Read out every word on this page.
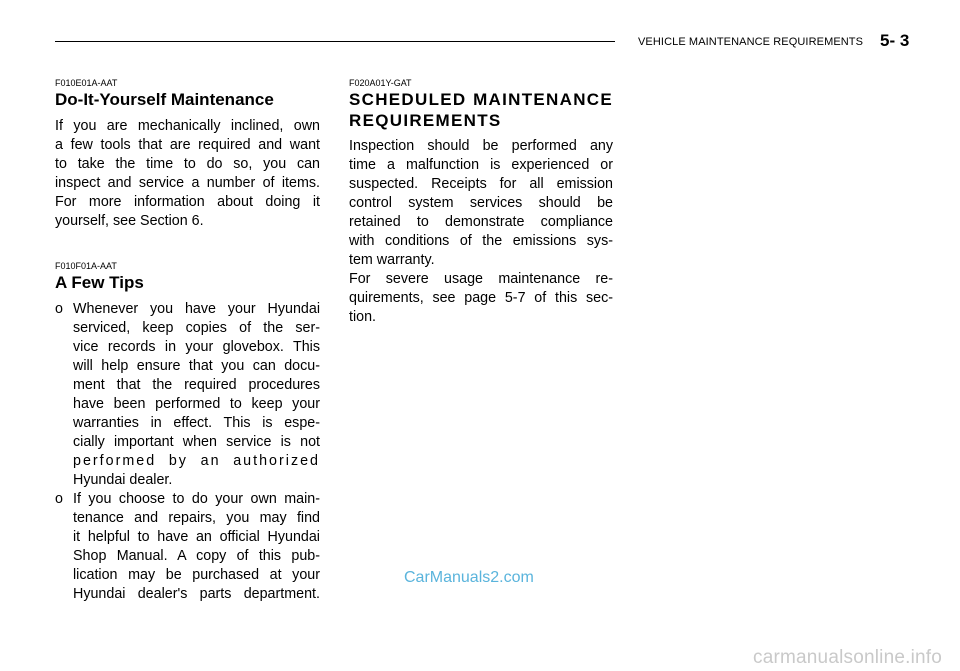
VEHICLE MAINTENANCE REQUIREMENTS 5- 3

F010E01A-AAT

Do-It-Yourself Maintenance

If you are mechanically inclined, own
a few tools that are required and want
to take the time to do so, you can
inspect and service a number of items.
For more information about doing it
yourself, see Section 6.

F010F01A-AAT

A Few Tips
o Whenever you have your Hyundai
serviced, keep copies of the ser-
vice records in your glovebox. This
will help ensure that you can docu-
ment that the required procedures
have been performed to keep your
warranties in effect. This is espe-
cially important when service is not
performed by an authorized
Hyundai dealer.
o If you choose to do your own main-
tenance and repairs, you may find
it helpful to have an official Hyundai
Shop Manual. A copy of this pub-
lication may be purchased at your
Hyundai dealer's parts department.

F020A01Y-GAT

SCHEDULED MAINTENANCE
REQUIREMENTS

Inspection should be performed any
time a malfunction is experienced or
suspected. Receipts for all emission
control system services should be
retained to demonstrate compliance
with conditions of the emissions sys-
tem warranty.

For severe usage maintenance re-
quirements, see page 5-7 of this sec-
tion.

CarManuals2.com
carmanualsonline.info
